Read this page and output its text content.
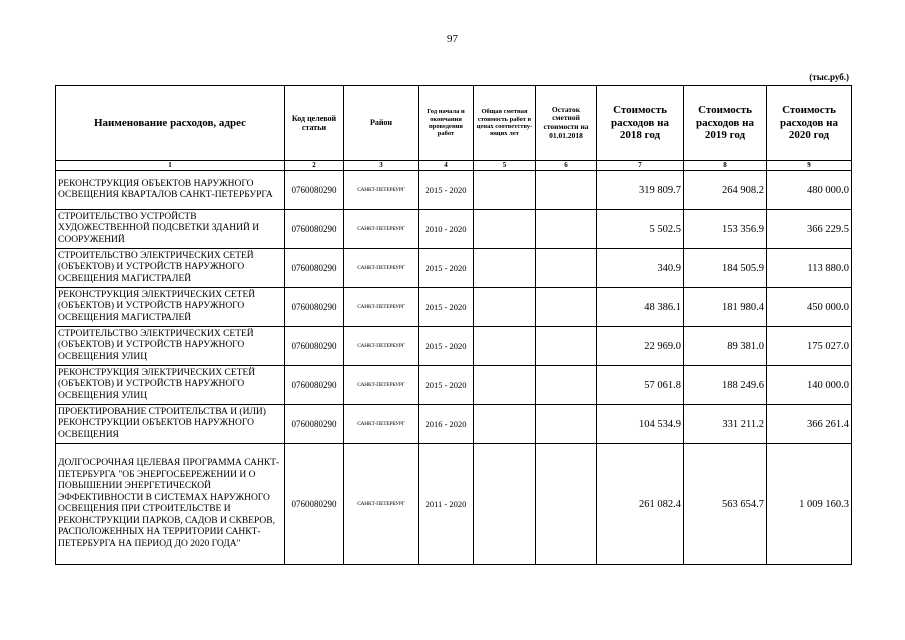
97
(тыс.руб.)
Наименование расходов, адрес	Код целевой статьи	Район	Год начала и окончания проведения работ	Общая сметная стоимость работ в ценах соответству-ющих лет	Остаток сметной стоимости на 01.01.2018	Стоимость расходов на 2018 год	Стоимость расходов на 2019 год	Стоимость расходов на 2020 год
1	2	3	4	5	6	7	8	9
РЕКОНСТРУКЦИЯ ОБЪЕКТОВ НАРУЖНОГО ОСВЕЩЕНИЯ КВАРТАЛОВ САНКТ-ПЕТЕРБУРГА	0760080290	САНКТ-ПЕТЕРБУРГ	2015 - 2020			319 809.7	264 908.2	480 000.0
СТРОИТЕЛЬСТВО УСТРОЙСТВ ХУДОЖЕСТВЕННОЙ ПОДСВЕТКИ ЗДАНИЙ И СООРУЖЕНИЙ	0760080290	САНКТ-ПЕТЕРБУРГ	2010 - 2020			5 502.5	153 356.9	366 229.5
СТРОИТЕЛЬСТВО ЭЛЕКТРИЧЕСКИХ СЕТЕЙ (ОБЪЕКТОВ) И УСТРОЙСТВ НАРУЖНОГО ОСВЕЩЕНИЯ МАГИСТРАЛЕЙ	0760080290	САНКТ-ПЕТЕРБУРГ	2015 - 2020			340.9	184 505.9	113 880.0
РЕКОНСТРУКЦИЯ ЭЛЕКТРИЧЕСКИХ СЕТЕЙ (ОБЪЕКТОВ) И УСТРОЙСТВ НАРУЖНОГО ОСВЕЩЕНИЯ МАГИСТРАЛЕЙ	0760080290	САНКТ-ПЕТЕРБУРГ	2015 - 2020			48 386.1	181 980.4	450 000.0
СТРОИТЕЛЬСТВО ЭЛЕКТРИЧЕСКИХ СЕТЕЙ (ОБЪЕКТОВ) И УСТРОЙСТВ НАРУЖНОГО ОСВЕЩЕНИЯ УЛИЦ	0760080290	САНКТ-ПЕТЕРБУРГ	2015 - 2020			22 969.0	89 381.0	175 027.0
РЕКОНСТРУКЦИЯ ЭЛЕКТРИЧЕСКИХ СЕТЕЙ (ОБЪЕКТОВ) И УСТРОЙСТВ НАРУЖНОГО ОСВЕЩЕНИЯ УЛИЦ	0760080290	САНКТ-ПЕТЕРБУРГ	2015 - 2020			57 061.8	188 249.6	140 000.0
ПРОЕКТИРОВАНИЕ СТРОИТЕЛЬСТВА И (ИЛИ) РЕКОНСТРУКЦИИ ОБЪЕКТОВ НАРУЖНОГО ОСВЕЩЕНИЯ	0760080290	САНКТ-ПЕТЕРБУРГ	2016 - 2020			104 534.9	331 211.2	366 261.4
ДОЛГОСРОЧНАЯ ЦЕЛЕВАЯ ПРОГРАММА САНКТ-ПЕТЕРБУРГА "ОБ ЭНЕРГОСБЕРЕЖЕНИИ И О ПОВЫШЕНИИ ЭНЕРГЕТИЧЕСКОЙ ЭФФЕКТИВНОСТИ В СИСТЕМАХ НАРУЖНОГО ОСВЕЩЕНИЯ ПРИ СТРОИТЕЛЬСТВЕ И РЕКОНСТРУКЦИИ ПАРКОВ, САДОВ И СКВЕРОВ, РАСПОЛОЖЕННЫХ НА ТЕРРИТОРИИ САНКТ-ПЕТЕРБУРГА НА ПЕРИОД ДО 2020 ГОДА"	0760080290	САНКТ-ПЕТЕРБУРГ	2011 - 2020			261 082.4	563 654.7	1 009 160.3
